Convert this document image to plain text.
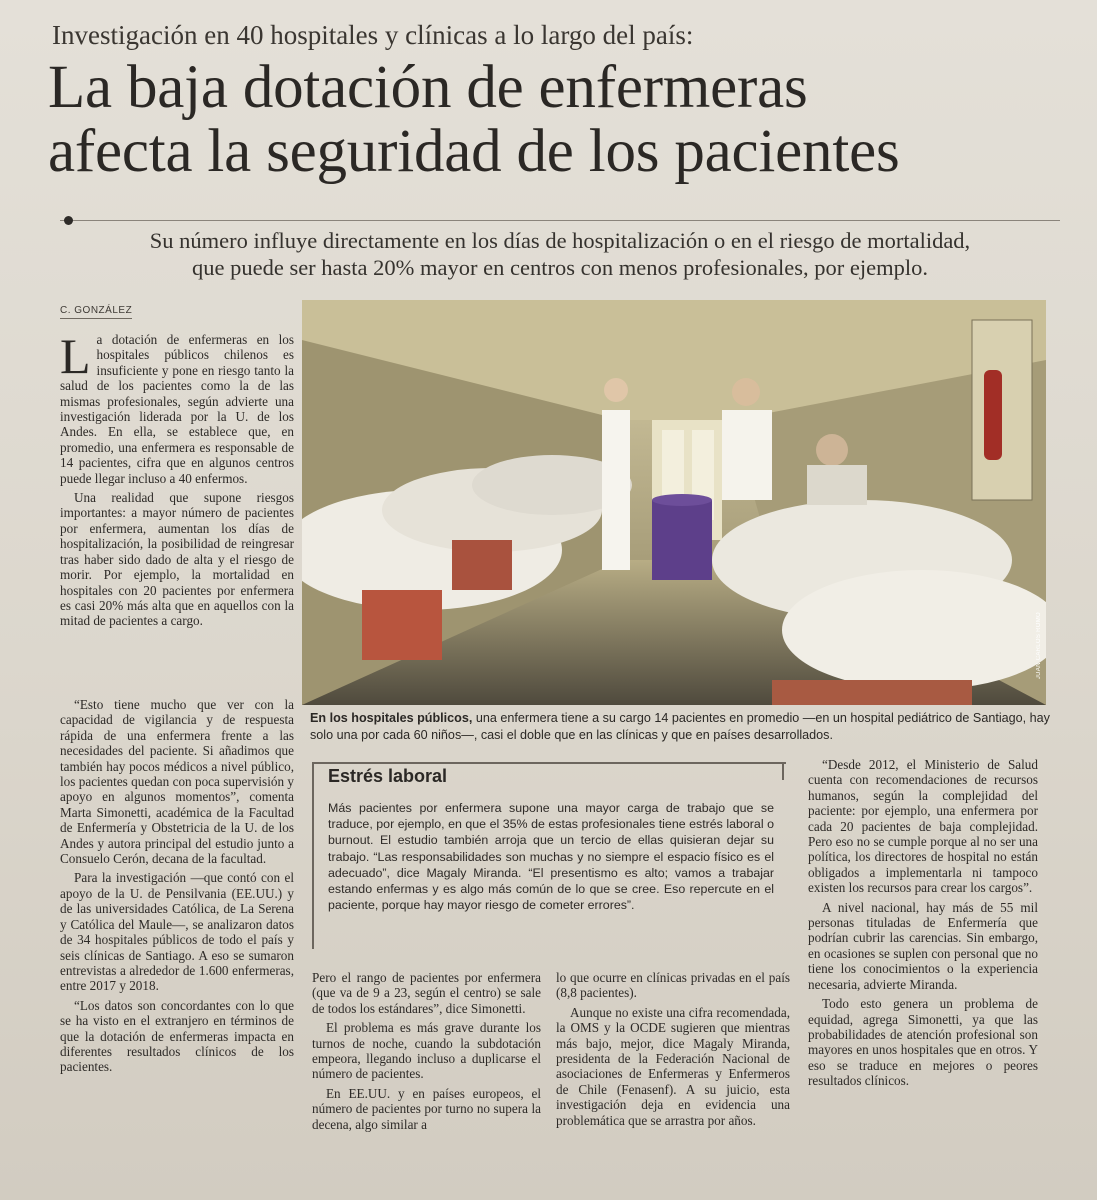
Investigación en 40 hospitales y clínicas a lo largo del país:
La baja dotación de enfermeras
afecta la seguridad de los pacientes
Su número influye directamente en los días de hospitalización o en el riesgo de mortalidad,
que puede ser hasta 20% mayor en centros con menos profesionales, por ejemplo.
C. GONZÁLEZ

La dotación de enfermeras en los hospitales públicos chilenos es insuficiente y pone en riesgo tanto la salud de los pacientes como la de las mismas profesionales, según advierte una investigación liderada por la U. de los Andes. En ella, se establece que, en promedio, una enfermera es responsable de 14 pacientes, cifra que en algunos centros puede llegar incluso a 40 enfermos.

Una realidad que supone riesgos importantes: a mayor número de pacientes por enfermera, aumentan los días de hospitalización, la posibilidad de reingresar tras haber sido dado de alta y el riesgo de morir. Por ejemplo, la mortalidad en hospitales con 20 pacientes por enfermera es casi 20% más alta que en aquellos con la mitad de pacientes a cargo.

“Esto tiene mucho que ver con la capacidad de vigilancia y de respuesta rápida de una enfermera frente a las necesidades del paciente. Si añadimos que también hay pocos médicos a nivel público, los pacientes quedan con poca supervisión y apoyo en algunos momentos”, comenta Marta Simonetti, académica de la Facultad de Enfermería y Obstetricia de la U. de los Andes y autora principal del estudio junto a Consuelo Cerón, decana de la facultad.

Para la investigación —que contó con el apoyo de la U. de Pensilvania (EE.UU.) y de las universidades Católica, de La Serena y Católica del Maule—, se analizaron datos de 34 hospitales públicos de todo el país y seis clínicas de Santiago. A eso se sumaron entrevistas a alrededor de 1.600 enfermeras, entre 2017 y 2018.

“Los datos son concordantes con lo que se ha visto en el extranjero en términos de que la dotación de enfermeras impacta en diferentes resultados clínicos de los pacientes.

JUAN CARLOS ROMO
En los hospitales públicos, una enfermera tiene a su cargo 14 pacientes en promedio —en un hospital pediátrico de Santiago, hay solo una por cada 60 niños—, casi el doble que en las clínicas y que en países desarrollados.
Estrés laboral
Más pacientes por enfermera supone una mayor carga de trabajo que se traduce, por ejemplo, en que el 35% de estas profesionales tiene estrés laboral o burnout. El estudio también arroja que un tercio de ellas quisieran dejar su trabajo. “Las responsabilidades son muchas y no siempre el espacio físico es el adecuado”, dice Magaly Miranda. “El presentismo es alto; vamos a trabajar estando enfermas y es algo más común de lo que se cree. Eso repercute en el paciente, porque hay mayor riesgo de cometer errores”.

Pero el rango de pacientes por enfermera (que va de 9 a 23, según el centro) se sale de todos los estándares”, dice Simonetti.

El problema es más grave durante los turnos de noche, cuando la subdotación empeora, llegando incluso a duplicarse el número de pacientes.

En EE.UU. y en países europeos, el número de pacientes por turno no supera la decena, algo similar a

lo que ocurre en clínicas privadas en el país (8,8 pacientes).

Aunque no existe una cifra recomendada, la OMS y la OCDE sugieren que mientras más bajo, mejor, dice Magaly Miranda, presidenta de la Federación Nacional de asociaciones de Enfermeras y Enfermeros de Chile (Fenasenf). A su juicio, esta investigación deja en evidencia una problemática que se arrastra por años.

“Desde 2012, el Ministerio de Salud cuenta con recomendaciones de recursos humanos, según la complejidad del paciente: por ejemplo, una enfermera por cada 20 pacientes de baja complejidad. Pero eso no se cumple porque al no ser una política, los directores de hospital no están obligados a implementarla ni tampoco existen los recursos para crear los cargos”.

A nivel nacional, hay más de 55 mil personas tituladas de Enfermería que podrían cubrir las carencias. Sin embargo, en ocasiones se suplen con personal que no tiene los conocimientos o la experiencia necesaria, advierte Miranda.

Todo esto genera un problema de equidad, agrega Simonetti, ya que las probabilidades de atención profesional son mayores en unos hospitales que en otros. Y eso se traduce en mejores o peores resultados clínicos.
